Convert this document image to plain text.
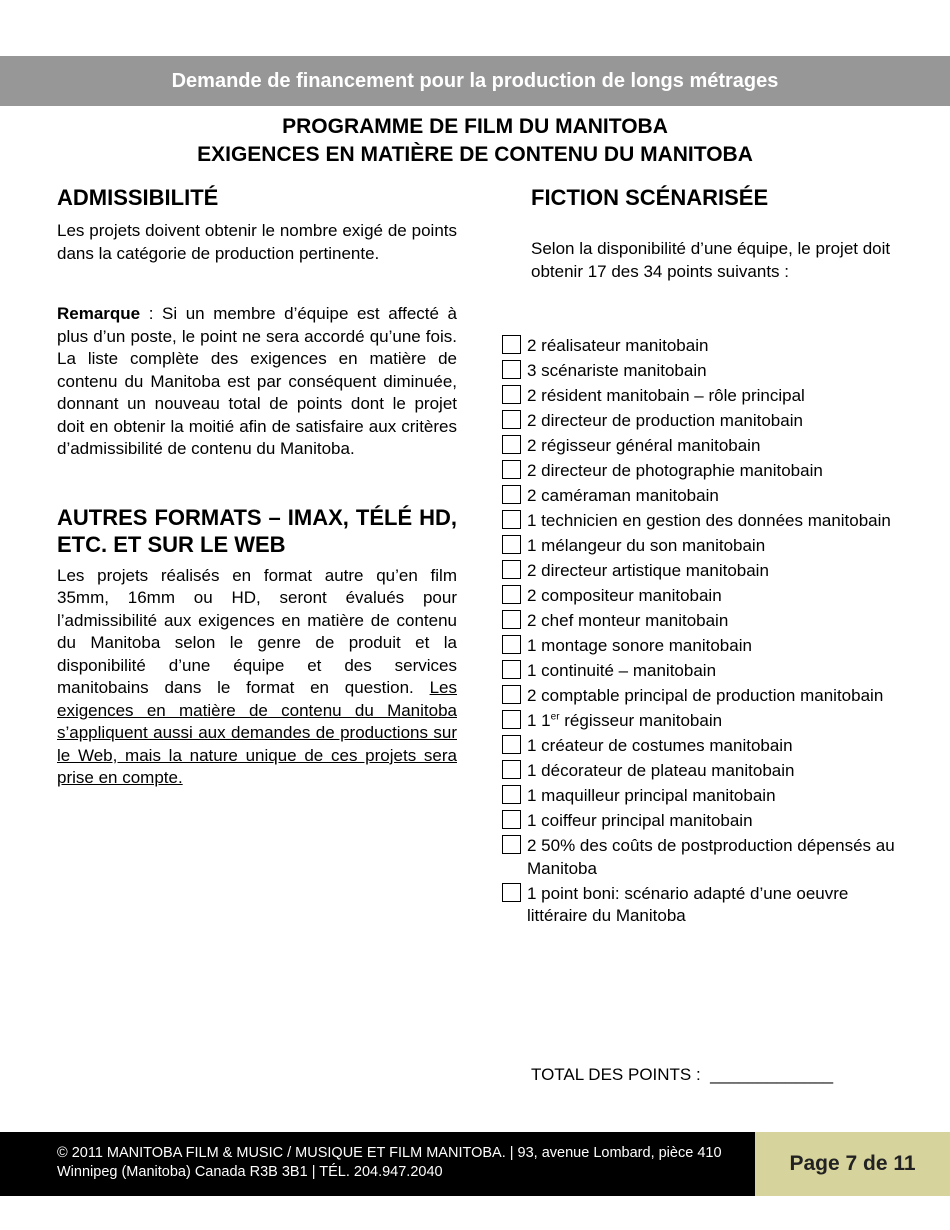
Demande de financement pour la production de longs métrages
PROGRAMME DE FILM DU MANITOBA
EXIGENCES EN MATIÈRE DE CONTENU DU MANITOBA
ADMISSIBILITÉ

Les projets doivent obtenir le nombre exigé de points dans la catégorie de production pertinente.

Remarque : Si un membre d’équipe est affecté à plus d’un poste, le point ne sera accordé qu’une fois. La liste complète des exigences en matière de contenu du Manitoba est par conséquent diminuée, donnant un nouveau total de points dont le projet doit en obtenir la moitié afin de satisfaire aux critères d’admissibilité de contenu du Manitoba.

AUTRES FORMATS – IMAX, TÉLÉ HD, ETC. ET SUR LE WEB

Les projets réalisés en format autre qu’en film 35mm, 16mm ou HD, seront évalués pour l’admissibilité aux exigences en matière de contenu du Manitoba selon le genre de produit et la disponibilité d’une équipe et des services manitobains dans le format en question. Les exigences en matière de contenu du Manitoba s’appliquent aussi aux demandes de productions sur le Web, mais la nature unique de ces projets sera prise en compte.

FICTION SCÉNARISÉE

Selon la disponibilité d’une équipe, le projet doit obtenir 17 des 34 points suivants :

2 réalisateur manitobain
3 scénariste manitobain
2 résident manitobain – rôle principal
2 directeur de production manitobain
2 régisseur général manitobain
2 directeur de photographie manitobain
2 caméraman manitobain
1 technicien en gestion des données manitobain
1 mélangeur du son manitobain
2 directeur artistique manitobain
2 compositeur manitobain
2 chef monteur manitobain
1 montage sonore manitobain
1 continuité – manitobain
2 comptable principal de production manitobain
1 1er régisseur manitobain
1 créateur de costumes manitobain
1 décorateur de plateau manitobain
1 maquilleur principal manitobain
1 coiffeur principal manitobain
2 50% des coûts de postproduction dépensés au Manitoba
1 point boni: scénario adapté d’une oeuvre littéraire du Manitoba
TOTAL DES POINTS : _____________
© 2011 MANITOBA FILM & MUSIC / MUSIQUE ET FILM MANITOBA. | 93, avenue Lombard, pièce 410 Winnipeg (Manitoba) Canada R3B 3B1 | TÉL. 204.947.2040	Page 7 de 11
